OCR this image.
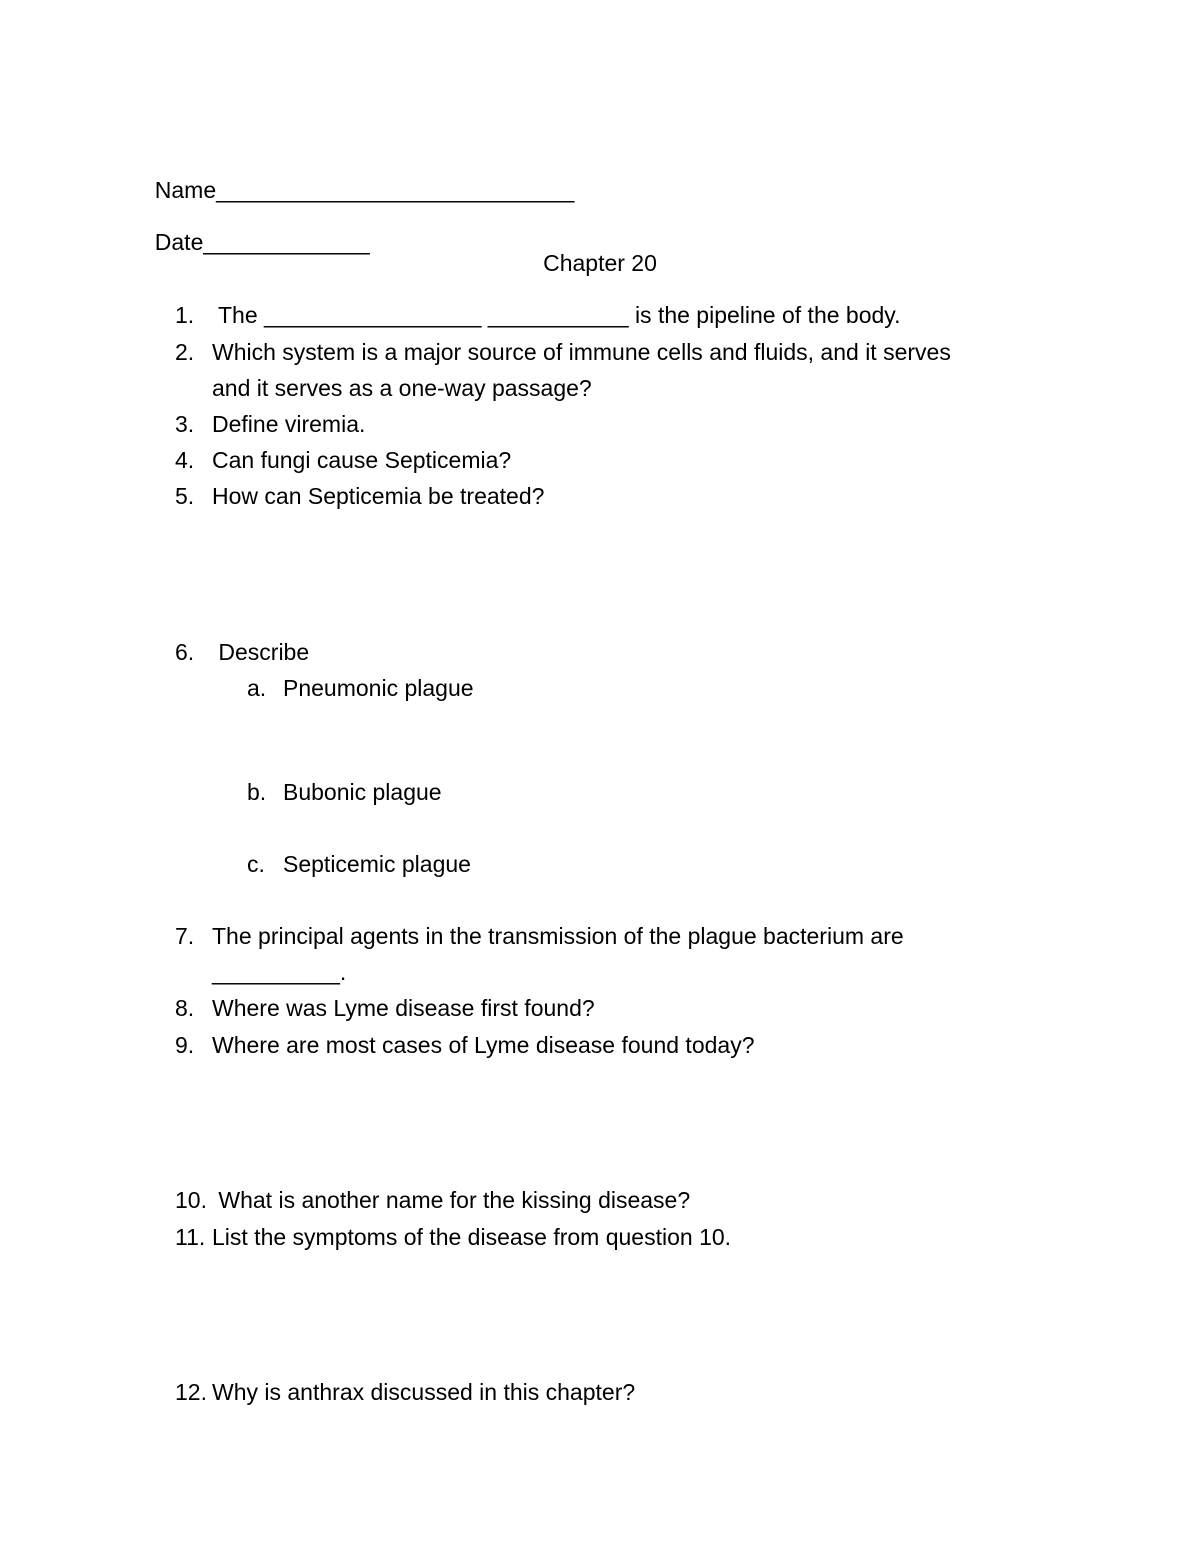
Name____________________________

Date_____________

Chapter 20
1. The _________________ ___________ is the pipeline of the body.
2. Which system is a major source of immune cells and fluids, and it serves
and it serves as a one-way passage?
3. Define viremia.
4. Can fungi cause Septicemia?
5. How can Septicemia be treated?
6. Describe
a. Pneumonic plague
b. Bubonic plague
c. Septicemic plague
7. The principal agents in the transmission of the plague bacterium are
__________.
8. Where was Lyme disease first found?
9. Where are most cases of Lyme disease found today?
10. What is another name for the kissing disease?
11. List the symptoms of the disease from question 10.
12. Why is anthrax discussed in this chapter?
